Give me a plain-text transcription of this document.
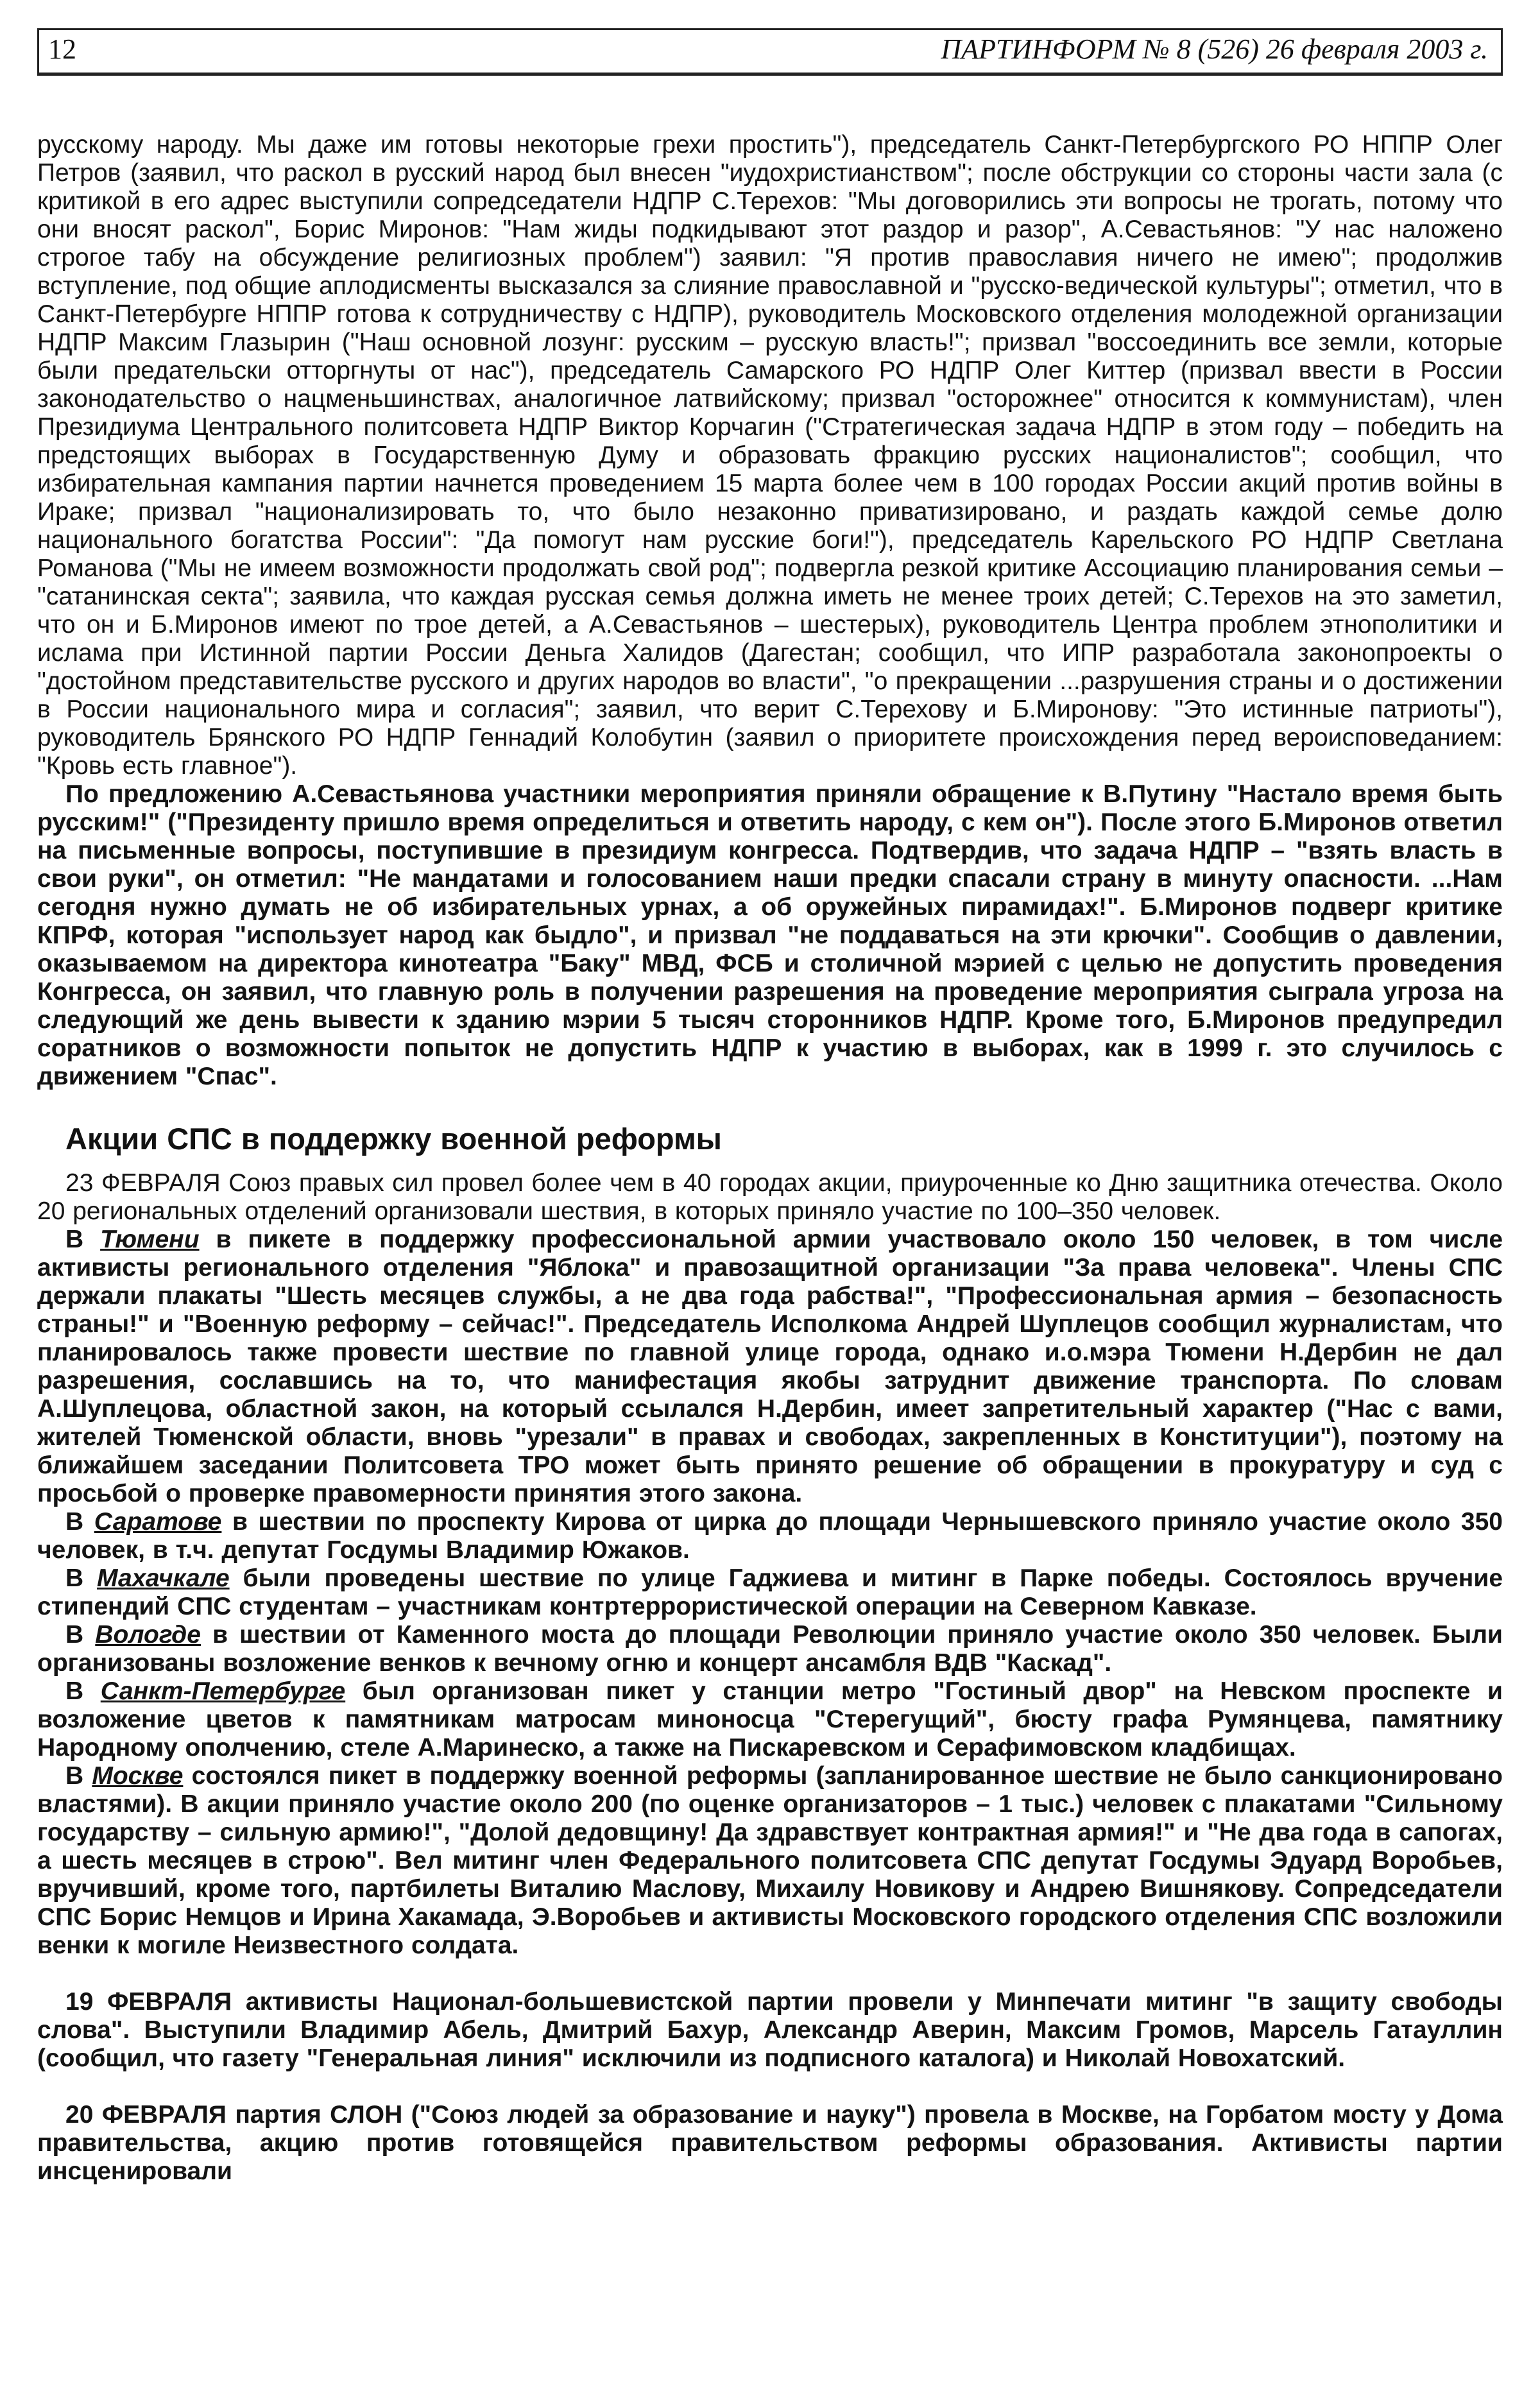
12	ПАРТИНФОРМ № 8 (526) 26 февраля 2003 г.

русскому народу. Мы даже им готовы некоторые грехи простить"), председатель Санкт-Петербургского РО НППР Олег Петров (заявил, что раскол в русский народ был внесен "иудохристианством"; после обструкции со стороны части зала (с критикой в его адрес выступили сопредседатели НДПР С.Терехов: "Мы договорились эти вопросы не трогать, потому что они вносят раскол", Борис Миронов: "Нам жиды подкидывают этот раздор и разор", А.Севастьянов: "У нас наложено строгое табу на обсуждение религиозных проблем") заявил: "Я против православия ничего не имею"; продолжив вступление, под общие аплодисменты высказался за слияние православной и "русско-ведической культуры"; отметил, что в Санкт-Петербурге НППР готова к сотрудничеству с НДПР), руководитель Московского отделения молодежной организации НДПР Максим Глазырин ("Наш основной лозунг: русским – русскую власть!"; призвал "воссоединить все земли, которые были предательски отторгнуты от нас"), председатель Самарского РО НДПР Олег Киттер (призвал ввести в России законодательство о нацменьшинствах, аналогичное латвийскому; призвал "осторожнее" относится к коммунистам), член Президиума Центрального политсовета НДПР Виктор Корчагин ("Стратегическая задача НДПР в этом году – победить на предстоящих выборах в Государственную Думу и образовать фракцию русских националистов"; сообщил, что избирательная кампания партии начнется проведением 15 марта более чем в 100 городах России акций против войны в Ираке; призвал "национализировать то, что было незаконно приватизировано, и раздать каждой семье долю национального богатства России": "Да помогут нам русские боги!"), председатель Карельского РО НДПР Светлана Романова ("Мы не имеем возможности продолжать свой род"; подвергла резкой критике Ассоциацию планирования семьи – "сатанинская секта"; заявила, что каждая русская семья должна иметь не менее троих детей; С.Терехов на это заметил, что он и Б.Миронов имеют по трое детей, а А.Севастьянов – шестерых), руководитель Центра проблем этнополитики и ислама при Истинной партии России Деньга Халидов (Дагестан; сообщил, что ИПР разработала законопроекты о "достойном представительстве русского и других народов во власти", "о прекращении ...разрушения страны и о достижении в России национального мира и согласия"; заявил, что верит С.Терехову и Б.Миронову: "Это истинные патриоты"), руководитель Брянского РО НДПР Геннадий Колобутин (заявил о приоритете происхождения перед вероисповеданием: "Кровь есть главное").

По предложению А.Севастьянова участники мероприятия приняли обращение к В.Путину "Настало время быть русским!" ("Президенту пришло время определиться и ответить народу, с кем он"). После этого Б.Миронов ответил на письменные вопросы, поступившие в президиум конгресса. Подтвердив, что задача НДПР – "взять власть в свои руки", он отметил: "Не мандатами и голосованием наши предки спасали страну в минуту опасности. ...Нам сегодня нужно думать не об избирательных урнах, а об оружейных пирамидах!". Б.Миронов подверг критике КПРФ, которая "использует народ как быдло", и призвал "не поддаваться на эти крючки". Сообщив о давлении, оказываемом на директора кинотеатра "Баку" МВД, ФСБ и столичной мэрией с целью не допустить проведения Конгресса, он заявил, что главную роль в получении разрешения на проведение мероприятия сыграла угроза на следующий же день вывести к зданию мэрии 5 тысяч сторонников НДПР. Кроме того, Б.Миронов предупредил соратников о возможности попыток не допустить НДПР к участию в выборах, как в 1999 г. это случилось с движением "Спас".

Акции СПС в поддержку военной реформы

23 ФЕВРАЛЯ Союз правых сил провел более чем в 40 городах акции, приуроченные ко Дню защитника отечества. Около 20 региональных отделений организовали шествия, в которых приняло участие по 100–350 человек.

В Тюмени в пикете в поддержку профессиональной армии участвовало около 150 человек, в том числе активисты регионального отделения "Яблока" и правозащитной организации "За права человека". Члены СПС держали плакаты "Шесть месяцев службы, а не два года рабства!", "Профессиональная армия – безопасность страны!" и "Военную реформу – сейчас!". Председатель Исполкома Андрей Шуплецов сообщил журналистам, что планировалось также провести шествие по главной улице города, однако и.о.мэра Тюмени Н.Дербин не дал разрешения, сославшись на то, что манифестация якобы затруднит движение транспорта. По словам А.Шуплецова, областной закон, на который ссылался Н.Дербин, имеет запретительный характер ("Нас с вами, жителей Тюменской области, вновь "урезали" в правах и свободах, закрепленных в Конституции"), поэтому на ближайшем заседании Политсовета ТРО может быть принято решение об обращении в прокуратуру и суд с просьбой о проверке правомерности принятия этого закона.

В Саратове в шествии по проспекту Кирова от цирка до площади Чернышевского приняло участие около 350 человек, в т.ч. депутат Госдумы Владимир Южаков.

В Махачкале были проведены шествие по улице Гаджиева и митинг в Парке победы. Состоялось вручение стипендий СПС студентам – участникам контртеррористической операции на Северном Кавказе.

В Вологде в шествии от Каменного моста до площади Революции приняло участие около 350 человек. Были организованы возложение венков к вечному огню и концерт ансамбля ВДВ "Каскад".

В Санкт-Петербурге был организован пикет у станции метро "Гостиный двор" на Невском проспекте и возложение цветов к памятникам матросам миноносца "Стерегущий", бюсту графа Румянцева, памятнику Народному ополчению, стеле А.Маринеско, а также на Пискаревском и Серафимовском кладбищах.

В Москве состоялся пикет в поддержку военной реформы (запланированное шествие не было санкционировано властями). В акции приняло участие около 200 (по оценке организаторов – 1 тыс.) человек с плакатами "Сильному государству – сильную армию!", "Долой дедовщину! Да здравствует контрактная армия!" и "Не два года в сапогах, а шесть месяцев в строю". Вел митинг член Федерального политсовета СПС депутат Госдумы Эдуард Воробьев, вручивший, кроме того, партбилеты Виталию Маслову, Михаилу Новикову и Андрею Вишнякову. Сопредседатели СПС Борис Немцов и Ирина Хакамада, Э.Воробьев и активисты Московского городского отделения СПС возложили венки к могиле Неизвестного солдата.

19 ФЕВРАЛЯ активисты Национал-большевистской партии провели у Минпечати митинг "в защиту свободы слова". Выступили Владимир Абель, Дмитрий Бахур, Александр Аверин, Максим Громов, Марсель Гатауллин (сообщил, что газету "Генеральная линия" исключили из подписного каталога) и Николай Новохатский.

20 ФЕВРАЛЯ партия СЛОН ("Союз людей за образование и науку") провела в Москве, на Горбатом мосту у Дома правительства, акцию против готовящейся правительством реформы образования. Активисты партии инсценировали
